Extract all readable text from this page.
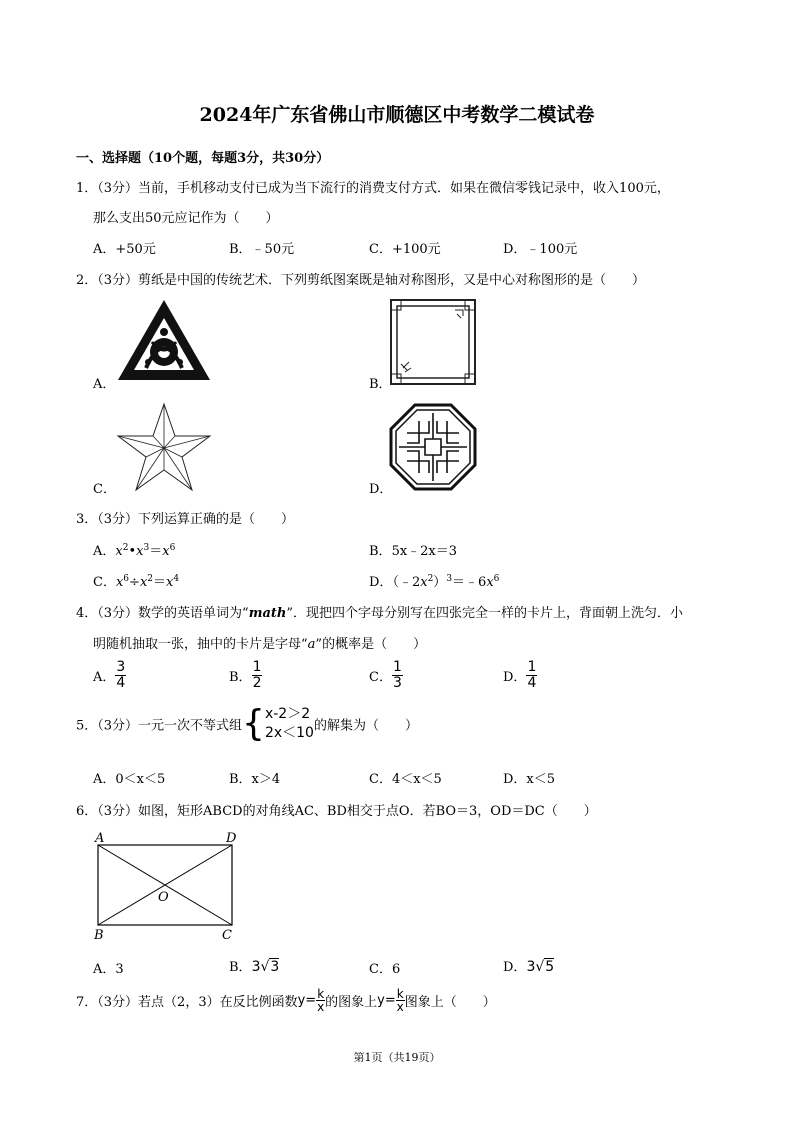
2024年广东省佛山市顺德区中考数学二模试卷
一、选择题（10个题，每题3分，共30分）
1．（3分）当前，手机移动支付已成为当下流行的消费支付方式．如果在微信零钱记录中，收入100元，
那么支出50元应记作为（　　）
A．+50元	B．﹣50元	C．+100元	D．﹣100元
2．（3分）剪纸是中国的传统艺术．下列剪纸图案既是轴对称图形，又是中心对称图形的是（　　）
A．	B．
C．	D．
3．（3分）下列运算正确的是（　　）
A．$x^2•x^3=x^6$	B．5x﹣2x＝3
C．$x^6\div x^2=x^4$	D．$(﹣2x^2)^3=﹣6x^6$
4．（3分）数学的英语单词为“math”．现把四个字母分别写在四张完全一样的卡片上，背面朝上洗匀．小
明随机抽取一张，抽中的卡片是字母“a”的概率是（　　）
A． $\frac{3}{4}$	B． $\frac{1}{2}$	C． $\frac{1}{3}$	D． $\frac{1}{4}$
5．（3分）一元一次不等式组{ x-2＞2
2x＜10 的解集为（　　）
A．0＜x＜5	B．x＞4	C．4＜x＜5	D．x＜5
6．（3分）如图，矩形ABCD的对角线AC、BD相交于点O．若BO＝3，OD＝DC（　　）
A	D
B	C
O
A．3	B．3√3	C．6	D．3√5
7．（3分）若点（2，3）在反比例函数$y= \frac{k}{x}$ 的图象上$y= \frac{k}{x}$ 图象上（　　）
第1页（共19页）
